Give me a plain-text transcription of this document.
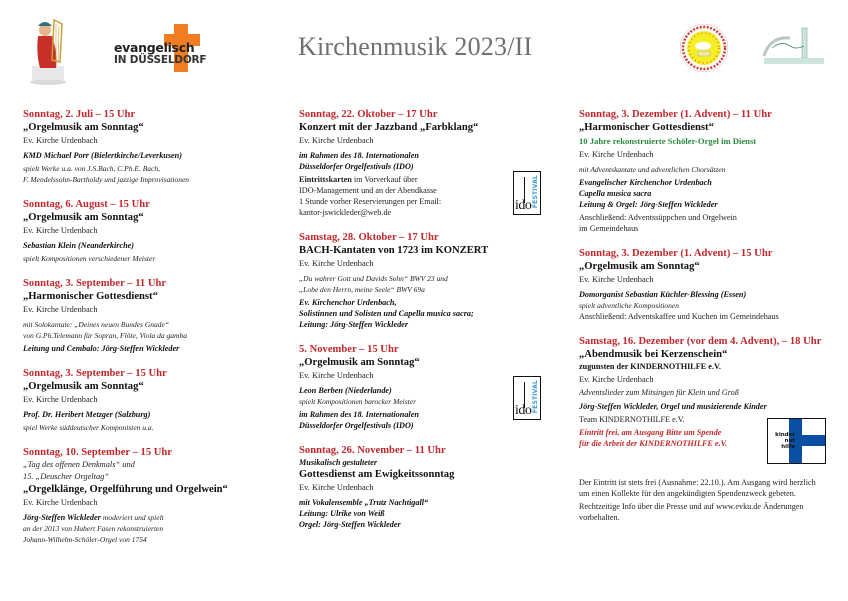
evangelisch
IN DÜSSELDORF	Kirchenmusik 2023/II
Sonntag, 2. Juli – 15 Uhr
„Orgelmusik am Sonntag“
Ev. Kirche Urdenbach
KMD Michael Porr (Bielertkirche/Leverkusen)
spielt Werke u.a. von J.S.Bach, C.Ph.E. Bach,
F. Mendelssohn-Bartholdy und jazzige Improvisationen
Sonntag, 6. August – 15 Uhr
„Orgelmusik am Sonntag“
Ev. Kirche Urdenbach
Sebastian Klein (Neanderkirche)
spielt Kompositionen verschiedener Meister
Sonntag, 3. September – 11 Uhr
„Harmonischer Gottesdienst“
Ev. Kirche Urdenbach
mit Solokantate: „Deines neuen Bundes Gnade“
von G.Ph.Telemann für Sopran, Flöte, Viola da gamba
Leitung und Cembalo: Jörg-Steffen Wickleder
Sonntag, 3. September – 15 Uhr
„Orgelmusik am Sonntag“
Ev. Kirche Urdenbach
Prof. Dr. Heribert Metzger (Salzburg)
spiel Werke süddeutscher Komponisten u.a.
Sonntag, 10. September – 15 Uhr
„Tag des offenen Denkmals“ und
15. „Deuscher Orgeltag“
„Orgelklänge, Orgelführung und Orgelwein“
Ev. Kirche Urdenbach
Jörg-Steffen Wickleder moderiert und spielt
an der 2013 von Hubert Fasen rekonstruierten
Johann-Wilhelm-Schöler-Orgel von 1754
Sonntag, 22. Oktober – 17 Uhr
Konzert mit der Jazzband „Farbklang“
Ev. Kirche Urdenbach
im Rahmen des 18. Internationalen
Düsseldorfer Orgelfestivals (IDO)
Eintrittskarten im Vorverkauf über
IDO-Management und an der Abendkasse
1 Stunde vorher Reservierungen per Email:
kantor-jswickleder@web.de
Samstag, 28. Oktober – 17 Uhr
BACH-Kantaten von 1723 im KONZERT
Ev. Kirche Urdenbach
„Du wahrer Gott und Davids Sohn“ BWV 23 und
„Lobe den Herrn, meine Seele“ BWV 69a
Ev. Kirchenchor Urdenbach,
Solistinnen und Solisten und Capella musica sacra;
Leitung: Jörg-Steffen Wickleder
5. November – 15 Uhr
„Orgelmusik am Sonntag“
Ev. Kirche Urdenbach
Leon Berben (Niederlande)
spielt Kompositionen barocker Meister
im Rahmen des 18. Internationalen
Düsseldorfer Orgelfestivals (IDO)
Sonntag, 26. November – 11 Uhr
Musikalisch gestalteter
Gottesdienst am Ewigkeitssonntag
Ev. Kirche Urdenbach
mit Vokalensemble „Trutz Nachtigall“
Leitung: Ulrike von Weiß
Orgel: Jörg-Steffen Wickleder
ido FESTIVAL
ido FESTIVAL
Sonntag, 3. Dezember (1. Advent) – 11 Uhr
„Harmonischer Gottesdienst“
10 Jahre rekonstruierte Schöler-Orgel im Dienst
Ev. Kirche Urdenbach
mit Adventskantate und adventlichen Chorsätzen
Evangelischer Kirchenchor Urdenbach
Capella musica sacra
Leitung & Orgel: Jörg-Steffen Wickleder
Anschließend: Adventssüppchen und Orgelwein
im Gemeindehaus
Sonntag, 3. Dezember (1. Advent) – 15 Uhr
„Orgelmusik am Sonntag“
Ev. Kirche Urdenbach
Domorganist Sebastian Küchler-Blessing (Essen)
spielt adventliche Kompositionen
Anschließend: Adventskaffee und Kuchen im Gemeindehaus
Samstag, 16. Dezember (vor dem 4. Advent), – 18 Uhr
„Abendmusik bei Kerzenschein“
zugunsten der KINDERNOTHILFE e.V.
Ev. Kirche Urdenbach
Adventslieder zum Mitsingen für Klein und Groß
Jörg-Steffen Wickleder, Orgel und musizierende Kinder
Team KINDERNOTHILFE e.V.
Eintritt frei, am Ausgang Bitte um Spende
für die Arbeit der KINDERNOTHILFE e.V.
Der Eintritt ist stets frei (Ausnahme: 22.10.). Am Ausgang wird herzlich um einen Kollekte für den angekündigten Spendenzweck gebeten.
Rechtzeitige Info über die Presse und auf www.evku.de Änderungen vorbehalten.
kinder
not
hilfe
